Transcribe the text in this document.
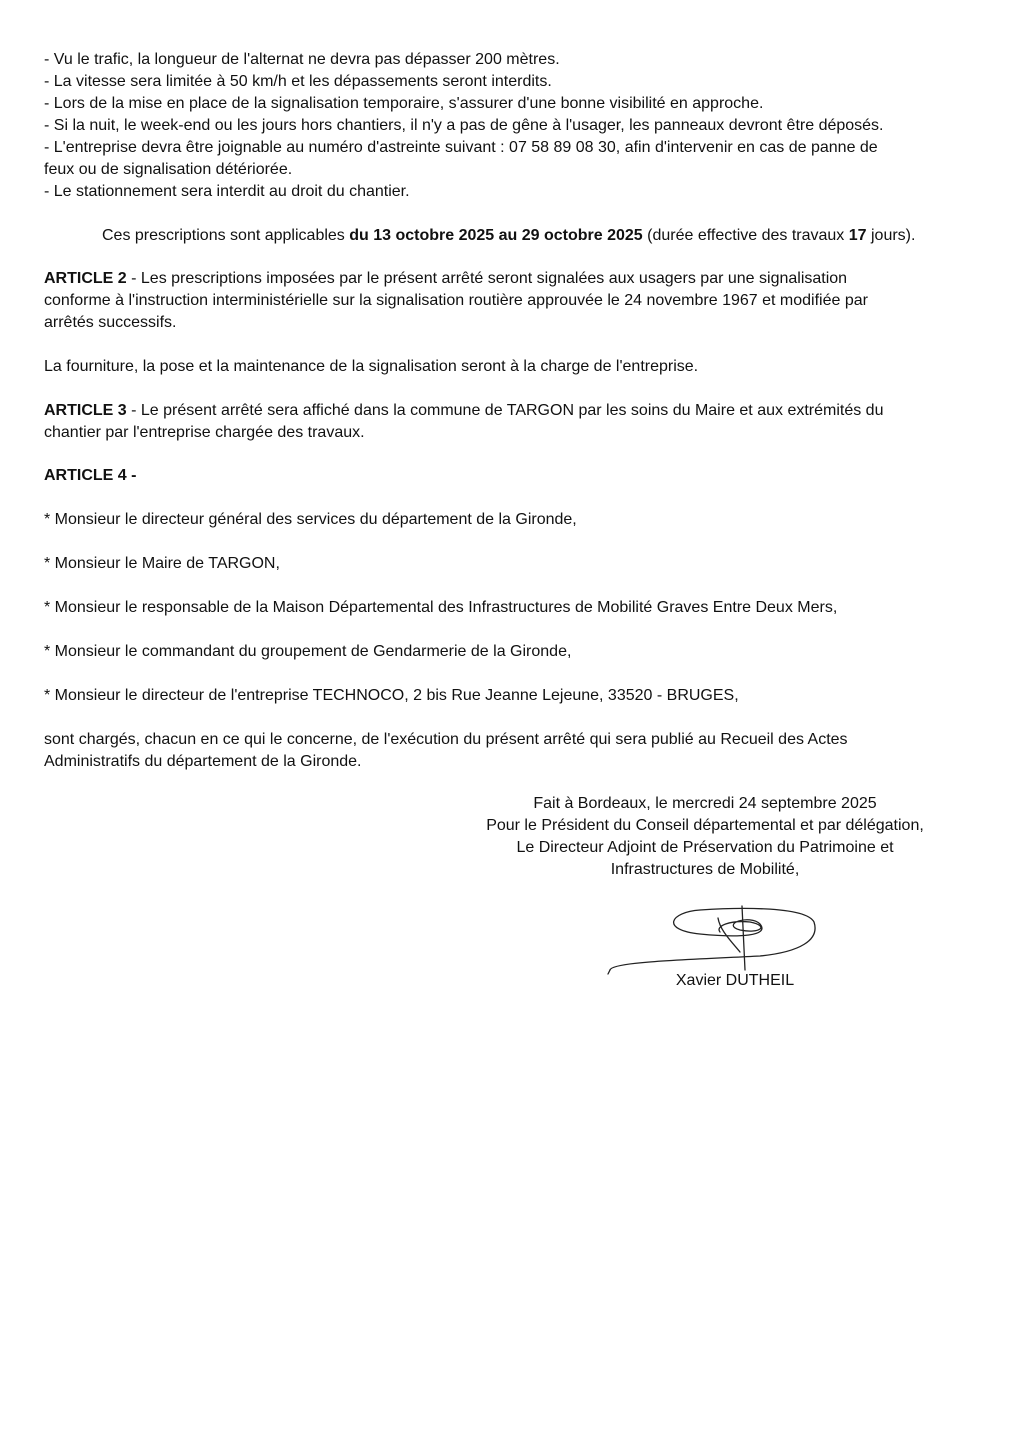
- Vu le trafic, la longueur de l'alternat ne devra pas dépasser 200 mètres.
- La vitesse sera limitée à 50 km/h et les dépassements seront interdits.
- Lors de la mise en place de la signalisation temporaire, s'assurer d'une bonne visibilité en approche.
- Si la nuit, le week-end ou les jours hors chantiers, il n'y a pas de gêne à l'usager, les panneaux devront être déposés.
- L'entreprise devra être joignable au numéro d'astreinte suivant : 07 58 89 08 30, afin d'intervenir en cas de panne de
feux ou de signalisation détériorée.
- Le stationnement sera interdit au droit du chantier.
Ces prescriptions sont applicables du 13 octobre 2025 au 29 octobre 2025 (durée effective des travaux 17 jours).
ARTICLE 2 - Les prescriptions imposées par le présent arrêté seront signalées aux usagers par une signalisation
conforme à l'instruction interministérielle sur la signalisation routière approuvée le 24 novembre 1967 et modifiée par
arrêtés successifs.
La fourniture, la pose et la maintenance de la signalisation seront à la charge de l'entreprise.
ARTICLE 3 - Le présent arrêté sera affiché dans la commune de TARGON par les soins du Maire et aux extrémités du
chantier par l'entreprise chargée des travaux.
ARTICLE 4 -
* Monsieur le directeur général des services du département de la Gironde,
* Monsieur le Maire de TARGON,
* Monsieur le responsable de la Maison Départemental des Infrastructures de Mobilité Graves Entre Deux Mers,
* Monsieur le commandant du groupement de Gendarmerie de la Gironde,
* Monsieur le directeur de l'entreprise TECHNOCO, 2 bis Rue Jeanne Lejeune, 33520 - BRUGES,
sont chargés, chacun en ce qui le concerne, de l'exécution du présent arrêté qui sera publié au Recueil des Actes
Administratifs du département de la Gironde.
Fait à Bordeaux, le mercredi 24 septembre 2025
Pour le Président du Conseil départemental et par délégation,
Le Directeur Adjoint de Préservation du Patrimoine et
Infrastructures de Mobilité,
Xavier DUTHEIL
